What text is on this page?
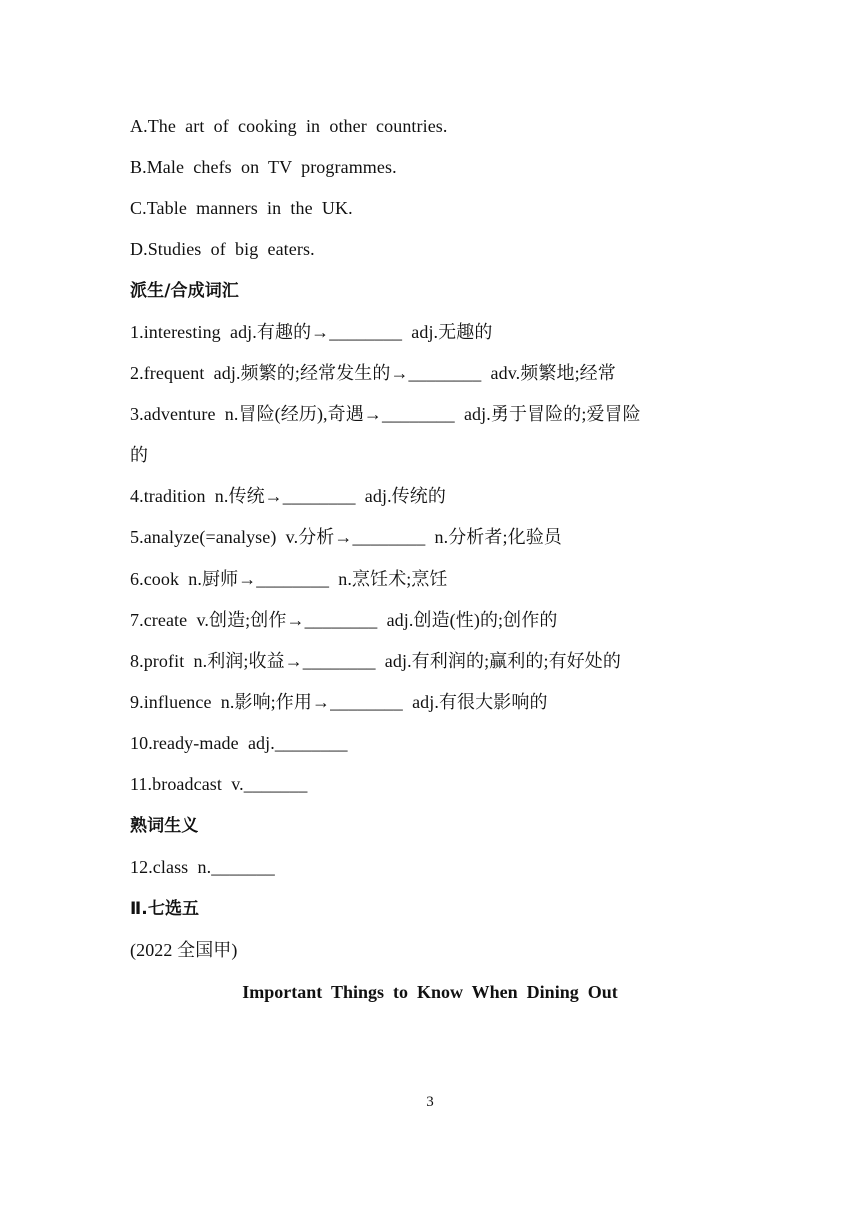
A.The  art  of  cooking  in  other  countries.
B.Male  chefs  on  TV  programmes.
C.Table  manners  in  the  UK.
D.Studies  of  big  eaters.
派生/合成词汇
1.interesting  adj.有趣的→________  adj.无趣的
2.frequent  adj.频繁的;经常发生的→________  adv.频繁地;经常
3.adventure  n.冒险(经历),奇遇→________  adj.勇于冒险的;爱冒险
的
4.tradition  n.传统→________  adj.传统的
5.analyze(=analyse)  v.分析→________  n.分析者;化验员
6.cook  n.厨师→________  n.烹饪术;烹饪
7.create  v.创造;创作→________  adj.创造(性)的;创作的
8.profit  n.利润;收益→________  adj.有利润的;赢利的;有好处的
9.influence  n.影响;作用→________  adj.有很大影响的
10.ready-made  adj.________
11.broadcast  v._______
熟词生义
12.class  n._______
Ⅱ.七选五
(2022 全国甲)
Important  Things  to  Know  When  Dining  Out
3
